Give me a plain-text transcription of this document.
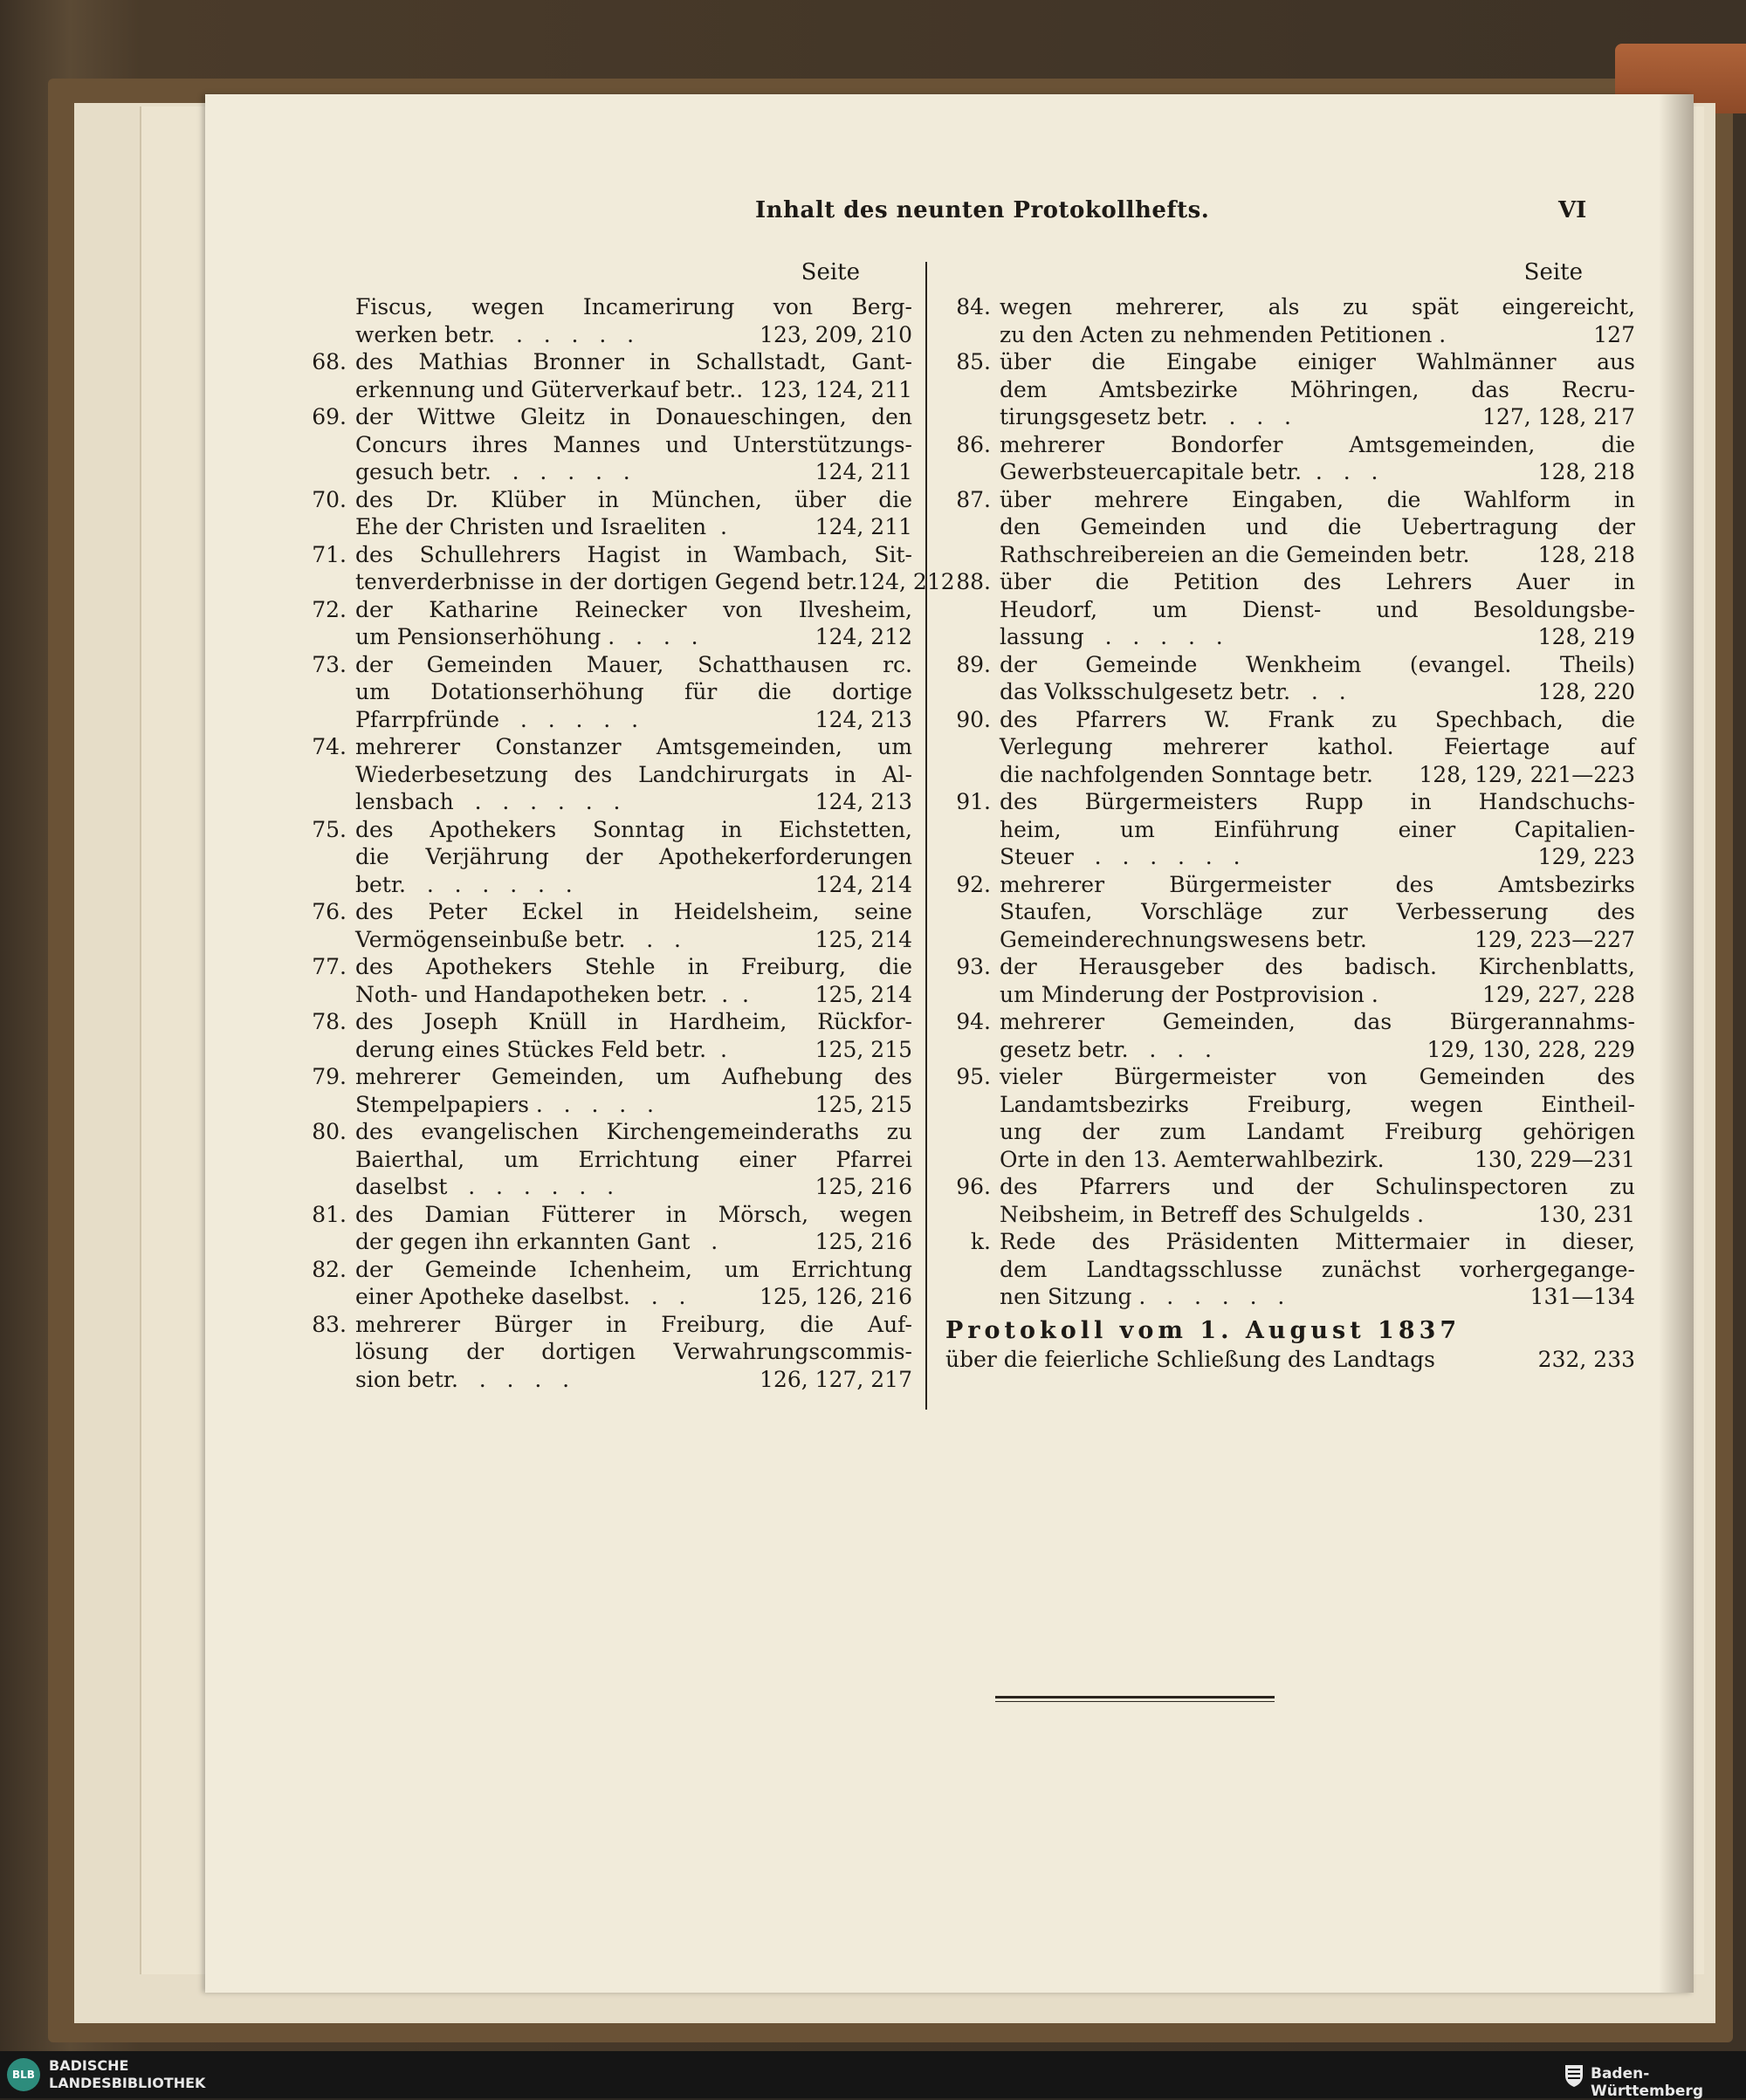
Inhalt des neunten Protokollhefts.	VI
Seite
Fiscus, wegen Incamerirung von Berg-
werken betr.   .   .   .   .   .	123, 209, 210
68. des Mathias Bronner in Schallstadt, Gant-
erkennung und Güterverkauf betr.. 123, 124, 211
69. der Wittwe Gleitz in Donaueschingen, den
Concurs ihres Mannes und Unterstützungs-
gesuch betr.   .   .   .   .   .	124, 211
70. des Dr. Klüber in München, über die
Ehe der Christen und Israeliten  .	124, 211
71. des Schullehrers Hagist in Wambach, Sit-
tenverderbnisse in der dortigen Gegend betr. 124, 212
72. der Katharine Reinecker von Ilvesheim,
um Pensionserhöhung .   .   .   .	124, 212
73. der Gemeinden Mauer, Schatthausen rc.
um Dotationserhöhung für die dortige
Pfarrpfründe   .   .   .   .   .	124, 213
74. mehrerer Constanzer Amtsgemeinden, um
Wiederbesetzung des Landchirurgats in Al-
lensbach   .   .   .   .   .   .	124, 213
75. des Apothekers Sonntag in Eichstetten,
die Verjährung der Apothekerforderungen
betr.   .   .   .   .   .   .	124, 214
76. des Peter Eckel in Heidelsheim, seine
Vermögenseinbuße betr.   .   .	125, 214
77. des Apothekers Stehle in Freiburg, die
Noth- und Handapotheken betr.  .  .	125, 214
78. des Joseph Knüll in Hardheim, Rückfor-
derung eines Stückes Feld betr.  .	125, 215
79. mehrerer Gemeinden, um Aufhebung des
Stempelpapiers .   .   .   .   .	125, 215
80. des evangelischen Kirchengemeinderaths zu
Baierthal, um Errichtung einer Pfarrei
daselbst   .   .   .   .   .   .	125, 216
81. des Damian Fütterer in Mörsch, wegen
der gegen ihn erkannten Gant   .	125, 216
82. der Gemeinde Ichenheim, um Errichtung
einer Apotheke daselbst.   .   .	125, 126, 216
83. mehrerer Bürger in Freiburg, die Auf-
lösung der dortigen Verwahrungscommis-
sion betr.   .   .   .   .	126, 127, 217
Seite
84. wegen mehrerer, als zu spät eingereicht,
zu den Acten zu nehmenden Petitionen .	127
85. über die Eingabe einiger Wahlmänner aus
dem Amtsbezirke Möhringen, das Recru-
tirungsgesetz betr.   .   .   .	127, 128, 217
86. mehrerer Bondorfer Amtsgemeinden, die
Gewerbsteuercapitale betr.  .   .   .	128, 218
87. über mehrere Eingaben, die Wahlform in
den Gemeinden und die Uebertragung der
Rathschreibereien an die Gemeinden betr.	128, 218
88. über die Petition des Lehrers Auer in
Heudorf, um Dienst- und Besoldungsbe-
lassung   .   .   .   .   .	128, 219
89. der Gemeinde Wenkheim (evangel. Theils)
das Volksschulgesetz betr.   .   .	128, 220
90. des Pfarrers W. Frank zu Spechbach, die
Verlegung mehrerer kathol. Feiertage auf
die nachfolgenden Sonntage betr. 128, 129, 221—223
91. des Bürgermeisters Rupp in Handschuchs-
heim, um Einführung einer Capitalien-
Steuer   .   .   .   .   .   .	129, 223
92. mehrerer Bürgermeister des Amtsbezirks
Staufen, Vorschläge zur Verbesserung des
Gemeinderechnungswesens betr.	129, 223—227
93. der Herausgeber des badisch. Kirchenblatts,
um Minderung der Postprovision .	129, 227, 228
94. mehrerer Gemeinden, das Bürgerannahms-
gesetz betr.   .   .   .	129, 130, 228, 229
95. vieler Bürgermeister von Gemeinden des
Landamtsbezirks Freiburg, wegen Eintheil-
ung der zum Landamt Freiburg gehörigen
Orte in den 13. Aemterwahlbezirk.	130, 229—231
96. des Pfarrers und der Schulinspectoren zu
Neibsheim, in Betreff des Schulgelds .	130, 231
k. Rede des Präsidenten Mittermaier in dieser,
dem Landtagsschlusse zunächst vorhergegange-
nen Sitzung .   .   .   .   .   .	131—134
Protokoll vom 1. August 1837
über die feierliche Schließung des Landtags	232, 233
BLB
BADISCHE
LANDESBIBLIOTHEK
Baden-Württemberg
